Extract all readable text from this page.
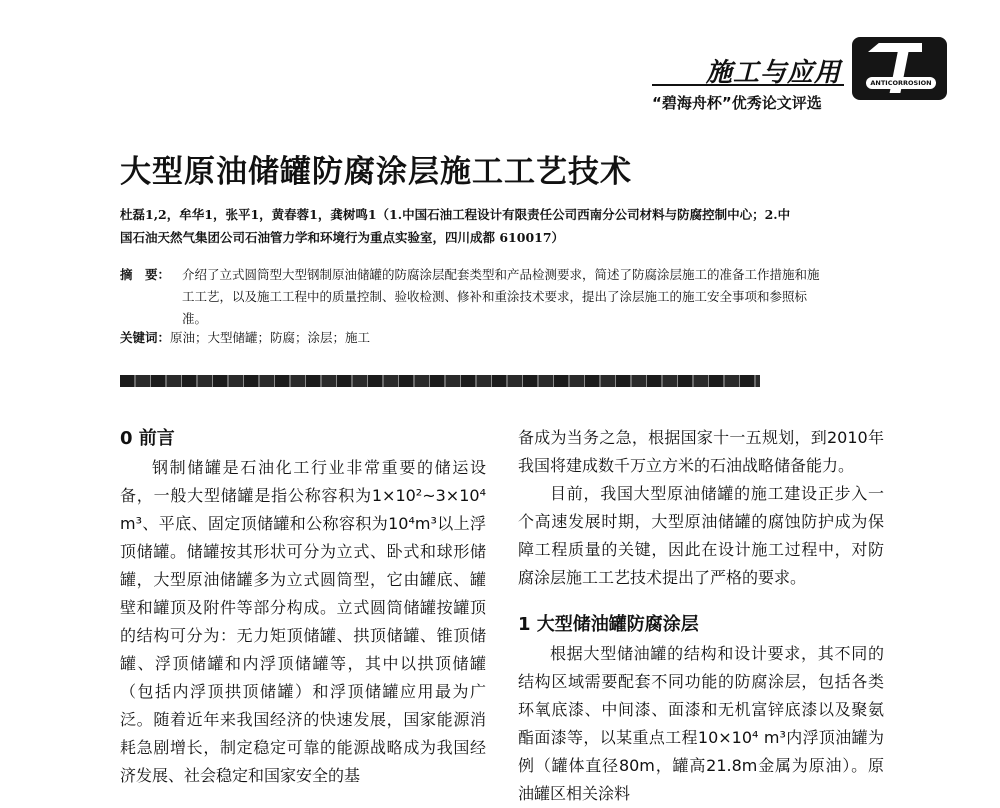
施工与应用
“碧海舟杯”优秀论文评选
ANTICORROSION
大型原油储罐防腐涂层施工工艺技术
杜磊1,2，牟华1，张平1，黄春蓉1，龚树鸣1（1.中国石油工程设计有限责任公司西南分公司材料与防腐控制中心；2.中国石油天然气集团公司石油管力学和环境行为重点实验室，四川成都 610017）
摘　要： 介绍了立式圆筒型大型钢制原油储罐的防腐涂层配套类型和产品检测要求，简述了防腐涂层施工的准备工作措施和施工工艺，以及施工工程中的质量控制、验收检测、修补和重涂技术要求，提出了涂层施工的施工安全事项和参照标准。
关键词：原油；大型储罐；防腐；涂层；施工
0 前言

钢制储罐是石油化工行业非常重要的储运设备，一般大型储罐是指公称容积为1×10²~3×10⁴ m³、平底、固定顶储罐和公称容积为10⁴m³以上浮顶储罐。储罐按其形状可分为立式、卧式和球形储罐，大型原油储罐多为立式圆筒型，它由罐底、罐壁和罐顶及附件等部分构成。立式圆筒储罐按罐顶的结构可分为：无力矩顶储罐、拱顶储罐、锥顶储罐、浮顶储罐和内浮顶储罐等，其中以拱顶储罐（包括内浮顶拱顶储罐）和浮顶储罐应用最为广泛。随着近年来我国经济的快速发展，国家能源消耗急剧增长，制定稳定可靠的能源战略成为我国经济发展、社会稳定和国家安全的基

备成为当务之急，根据国家十一五规划，到2010年我国将建成数千万立方米的石油战略储备能力。

目前，我国大型原油储罐的施工建设正步入一个高速发展时期，大型原油储罐的腐蚀防护成为保障工程质量的关键，因此在设计施工过程中，对防腐涂层施工工艺技术提出了严格的要求。

1 大型储油罐防腐涂层

根据大型储油罐的结构和设计要求，其不同的结构区域需要配套不同功能的防腐涂层，包括各类环氧底漆、中间漆、面漆和无机富锌底漆以及聚氨酯面漆等，以某重点工程10×10⁴ m³内浮顶油罐为例（罐体直径80m，罐高21.8m金属为原油）。原油罐区相关涂料
